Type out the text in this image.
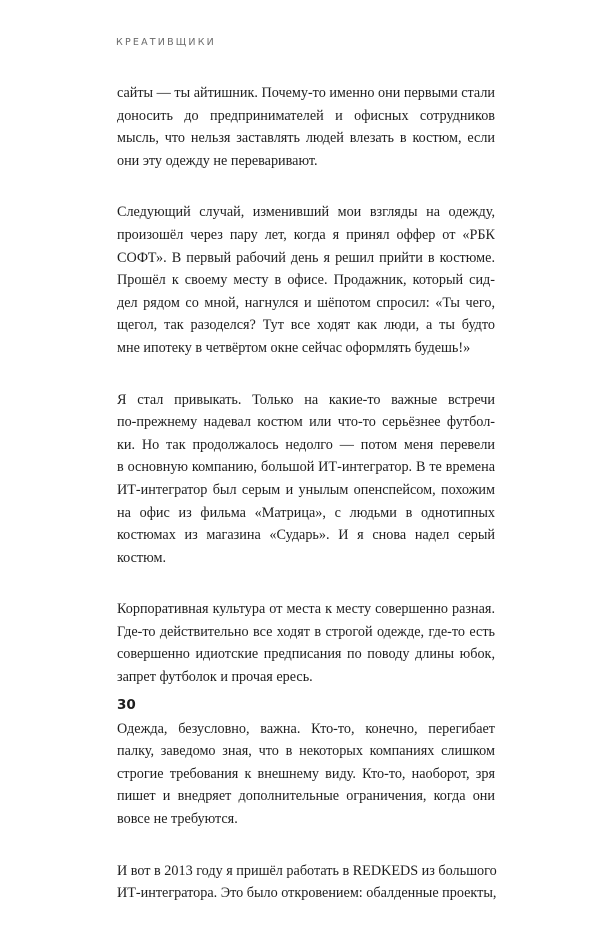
КРЕАТИВЩИКИ
сайты — ты айтишник. Почему-то именно они первыми стали
доносить до предпринимателей и офисных сотрудников
мысль, что нельзя заставлять людей влезать в костюм, если
они эту одежду не переваривают.
Следующий случай, изменивший мои взгляды на одежду,
произошёл через пару лет, когда я принял оффер от «РБК
СОФТ». В первый рабочий день я решил прийти в костюме.
Прошёл к своему месту в офисе. Продажник, который сид-
дел рядом со мной, нагнулся и шёпотом спросил: «Ты чего,
щегол, так разоделся? Тут все ходят как люди, а ты будто
мне ипотеку в четвёртом окне сейчас оформлять будешь!»
Я стал привыкать. Только на какие-то важные встречи
по-прежнему надевал костюм или что-то серьёзнее футбол-
ки. Но так продолжалось недолго — потом меня перевели
в основную компанию, большой ИТ-интегратор. В те времена
ИТ-интегратор был серым и унылым опенспейсом, похожим
на офис из фильма «Матрица», с людьми в однотипных
костюмах из магазина «Сударь». И я снова надел серый
костюм.
Корпоративная культура от места к месту совершенно разная.
Где-то действительно все ходят в строгой одежде, где-то есть
совершенно идиотские предписания по поводу длины юбок,
запрет футболок и прочая ересь.
Одежда, безусловно, важна. Кто-то, конечно, перегибает
палку, заведомо зная, что в некоторых компаниях слишком
строгие требования к внешнему виду. Кто-то, наоборот, зря
пишет и внедряет дополнительные ограничения, когда они
вовсе не требуются.
И вот в 2013 году я пришёл работать в REDKEDS из большого
ИТ-интегратора. Это было откровением: обалденные проекты,
30
